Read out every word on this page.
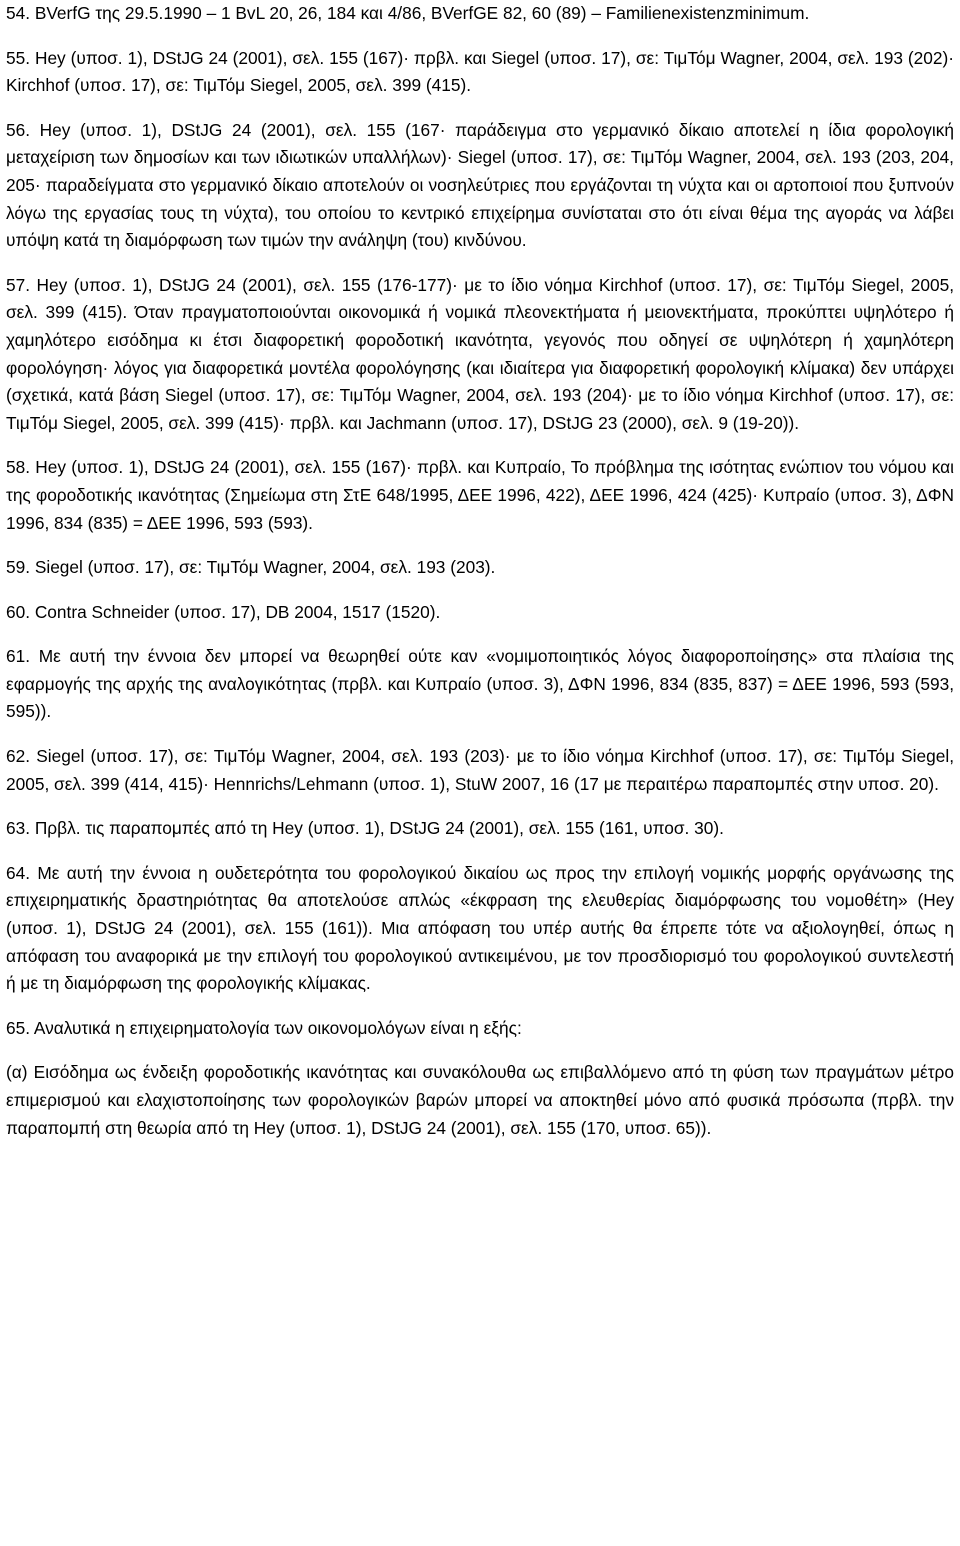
54. BVerfG της 29.5.1990 – 1 BvL 20, 26, 184 και 4/86, BVerfGE 82, 60 (89) – Familienexistenzminimum.

55. Hey (υποσ. 1), DStJG 24 (2001), σελ. 155 (167)· πρβλ. και Siegel (υποσ. 17), σε: ΤιμΤόμ Wagner, 2004, σελ. 193 (202)· Kirchhof (υποσ. 17), σε: ΤιμΤόμ Siegel, 2005, σελ. 399 (415).

56. Hey (υποσ. 1), DStJG 24 (2001), σελ. 155 (167· παράδειγμα στο γερμανικό δίκαιο αποτελεί η ίδια φορολογική μεταχείριση των δημοσίων και των ιδιωτικών υπαλλήλων)· Siegel (υποσ. 17), σε: ΤιμΤόμ Wagner, 2004, σελ. 193 (203, 204, 205· παραδείγματα στο γερμανικό δίκαιο αποτελούν οι νοσηλεύτριες που εργάζονται τη νύχτα και οι αρτοποιοί που ξυπνούν λόγω της εργασίας τους τη νύχτα), του οποίου το κεντρικό επιχείρημα συνίσταται στο ότι είναι θέμα της αγοράς να λάβει υπόψη κατά τη διαμόρφωση των τιμών την ανάληψη (του) κινδύνου.

57. Hey (υποσ. 1), DStJG 24 (2001), σελ. 155 (176-177)· με το ίδιο νόημα Kirchhof (υποσ. 17), σε: ΤιμΤόμ Siegel, 2005, σελ. 399 (415). Όταν πραγματοποιούνται οικονομικά ή νομικά πλεονεκτήματα ή μειονεκτήματα, προκύπτει υψηλότερο ή χαμηλότερο εισόδημα κι έτσι διαφορετική φοροδοτική ικανότητα, γεγονός που οδηγεί σε υψηλότερη ή χαμηλότερη φορολόγηση· λόγος για διαφορετικά μοντέλα φορολόγησης (και ιδιαίτερα για διαφορετική φορολογική κλίμακα) δεν υπάρχει (σχετικά, κατά βάση Siegel (υποσ. 17), σε: ΤιμΤόμ Wagner, 2004, σελ. 193 (204)· με το ίδιο νόημα Kirchhof (υποσ. 17), σε: ΤιμΤόμ Siegel, 2005, σελ. 399 (415)· πρβλ. και Jachmann (υποσ. 17), DStJG 23 (2000), σελ. 9 (19-20)).

58. Hey (υποσ. 1), DStJG 24 (2001), σελ. 155 (167)· πρβλ. και Κυπραίο, Το πρόβλημα της ισότητας ενώπιον του νόμου και της φοροδοτικής ικανότητας (Σημείωμα στη ΣτΕ 648/1995, ΔΕΕ 1996, 422), ΔΕΕ 1996, 424 (425)· Κυπραίο (υποσ. 3), ΔΦΝ 1996, 834 (835) = ΔΕΕ 1996, 593 (593).

59. Siegel (υποσ. 17), σε: ΤιμΤόμ Wagner, 2004, σελ. 193 (203).

60. Contra Schneider (υποσ. 17), DB 2004, 1517 (1520).

61. Με αυτή την έννοια δεν μπορεί να θεωρηθεί ούτε καν «νομιμοποιητικός λόγος διαφοροποίησης» στα πλαίσια της εφαρμογής της αρχής της αναλογικότητας (πρβλ. και Κυπραίο (υποσ. 3), ΔΦΝ 1996, 834 (835, 837) = ΔΕΕ 1996, 593 (593, 595)).

62. Siegel (υποσ. 17), σε: ΤιμΤόμ Wagner, 2004, σελ. 193 (203)· με το ίδιο νόημα Kirchhof (υποσ. 17), σε: ΤιμΤόμ Siegel, 2005, σελ. 399 (414, 415)· Hennrichs/Lehmann (υποσ. 1), StuW 2007, 16 (17 με περαιτέρω παραπομπές στην υποσ. 20).

63. Πρβλ. τις παραπομπές από τη Hey (υποσ. 1), DStJG 24 (2001), σελ. 155 (161, υποσ. 30).

64. Με αυτή την έννοια η ουδετερότητα του φορολογικού δικαίου ως προς την επιλογή νομικής μορφής οργάνωσης της επιχειρηματικής δραστηριότητας θα αποτελούσε απλώς «έκφραση της ελευθερίας διαμόρφωσης του νομοθέτη» (Hey (υποσ. 1), DStJG 24 (2001), σελ. 155 (161)). Μια απόφαση του υπέρ αυτής θα έπρεπε τότε να αξιολογηθεί, όπως η απόφαση του αναφορικά με την επιλογή του φορολογικού αντικειμένου, με τον προσδιορισμό του φορολογικού συντελεστή ή με τη διαμόρφωση της φορολογικής κλίμακας.

65. Αναλυτικά η επιχειρηματολογία των οικονομολόγων είναι η εξής:

(α) Εισόδημα ως ένδειξη φοροδοτικής ικανότητας και συνακόλουθα ως επιβαλλόμενο από τη φύση των πραγμάτων μέτρο επιμερισμού και ελαχιστοποίησης των φορολογικών βαρών μπορεί να αποκτηθεί μόνο από φυσικά πρόσωπα (πρβλ. την παραπομπή στη θεωρία από τη Hey (υποσ. 1), DStJG 24 (2001), σελ. 155 (170, υποσ. 65)).
